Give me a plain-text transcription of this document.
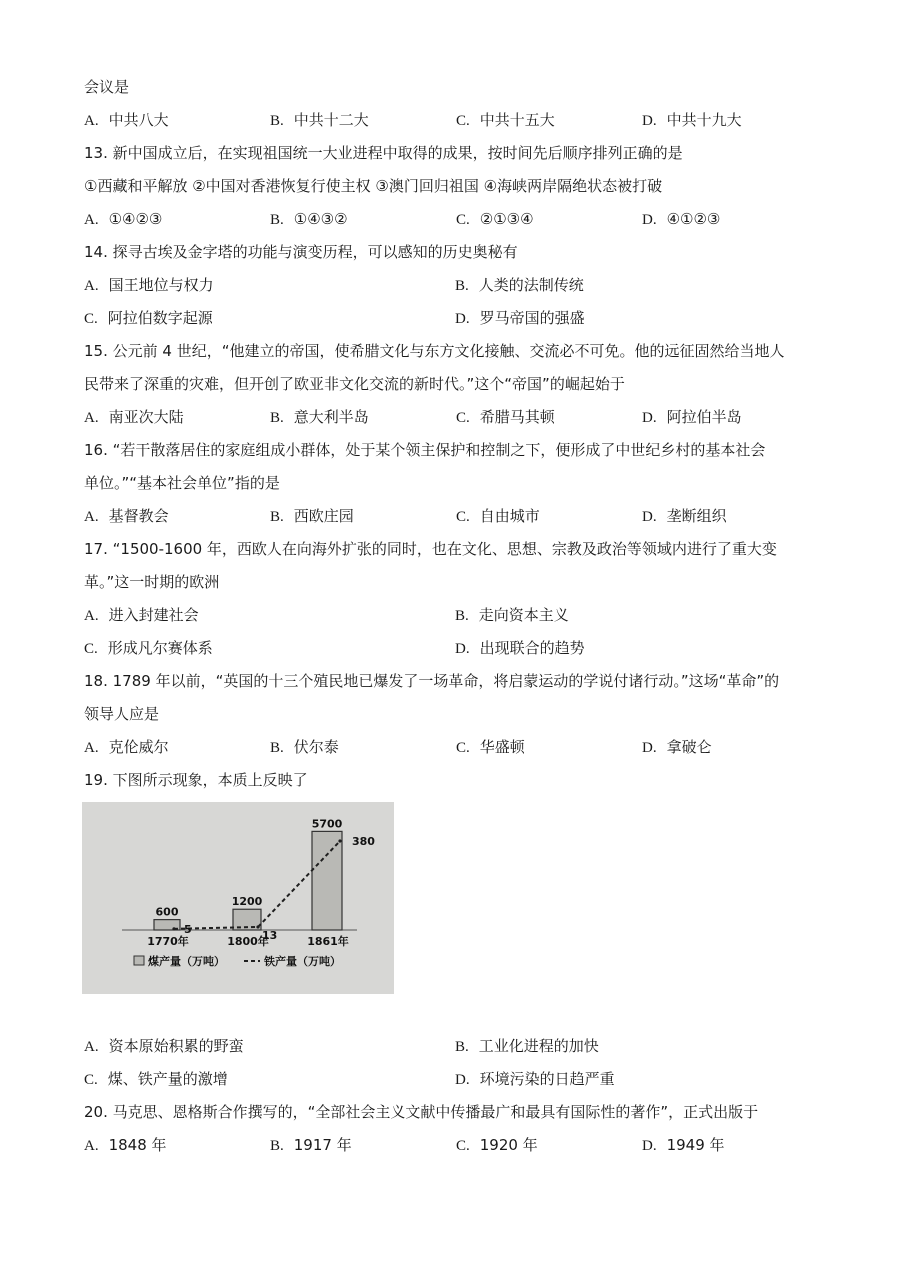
会议是
A. 中共八大	B. 中共十二大	C. 中共十五大	D. 中共十九大
13. 新中国成立后，在实现祖国统一大业进程中取得的成果，按时间先后顺序排列正确的是
①西藏和平解放 ②中国对香港恢复行使主权 ③澳门回归祖国 ④海峡两岸隔绝状态被打破
A. ①④②③	B. ①④③②	C. ②①③④	D. ④①②③
14. 探寻古埃及金字塔的功能与演变历程，可以感知的历史奥秘有
A. 国王地位与权力	B. 人类的法制传统
C. 阿拉伯数字起源	D. 罗马帝国的强盛
15. 公元前 4 世纪，“他建立的帝国，使希腊文化与东方文化接触、交流必不可免。他的远征固然给当地人
民带来了深重的灾难，但开创了欧亚非文化交流的新时代。”这个“帝国”的崛起始于
A. 南亚次大陆	B. 意大利半岛	C. 希腊马其顿	D. 阿拉伯半岛
16. “若干散落居住的家庭组成小群体，处于某个领主保护和控制之下，便形成了中世纪乡村的基本社会
单位。”“基本社会单位”指的是
A. 基督教会	B. 西欧庄园	C. 自由城市	D. 垄断组织
17. “1500-1600 年，西欧人在向海外扩张的同时，也在文化、思想、宗教及政治等领域内进行了重大变
革。”这一时期的欧洲
A. 进入封建社会	B. 走向资本主义
C. 形成凡尔赛体系	D. 出现联合的趋势
18. 1789 年以前，“英国的十三个殖民地已爆发了一场革命，将启蒙运动的学说付诸行动。”这场“革命”的
领导人应是
A. 克伦威尔	B. 伏尔泰	C. 华盛顿	D. 拿破仑
19. 下图所示现象，本质上反映了
600
1200
5700
5	13
380
1770年	1800年	1861年
煤产量（万吨）	铁产量（万吨）
A. 资本原始积累的野蛮	B. 工业化进程的加快
C. 煤、铁产量的激增	D. 环境污染的日趋严重
20. 马克思、恩格斯合作撰写的，“全部社会主义文献中传播最广和最具有国际性的著作”，正式出版于
A. 1848 年	B. 1917 年	C. 1920 年	D. 1949 年
